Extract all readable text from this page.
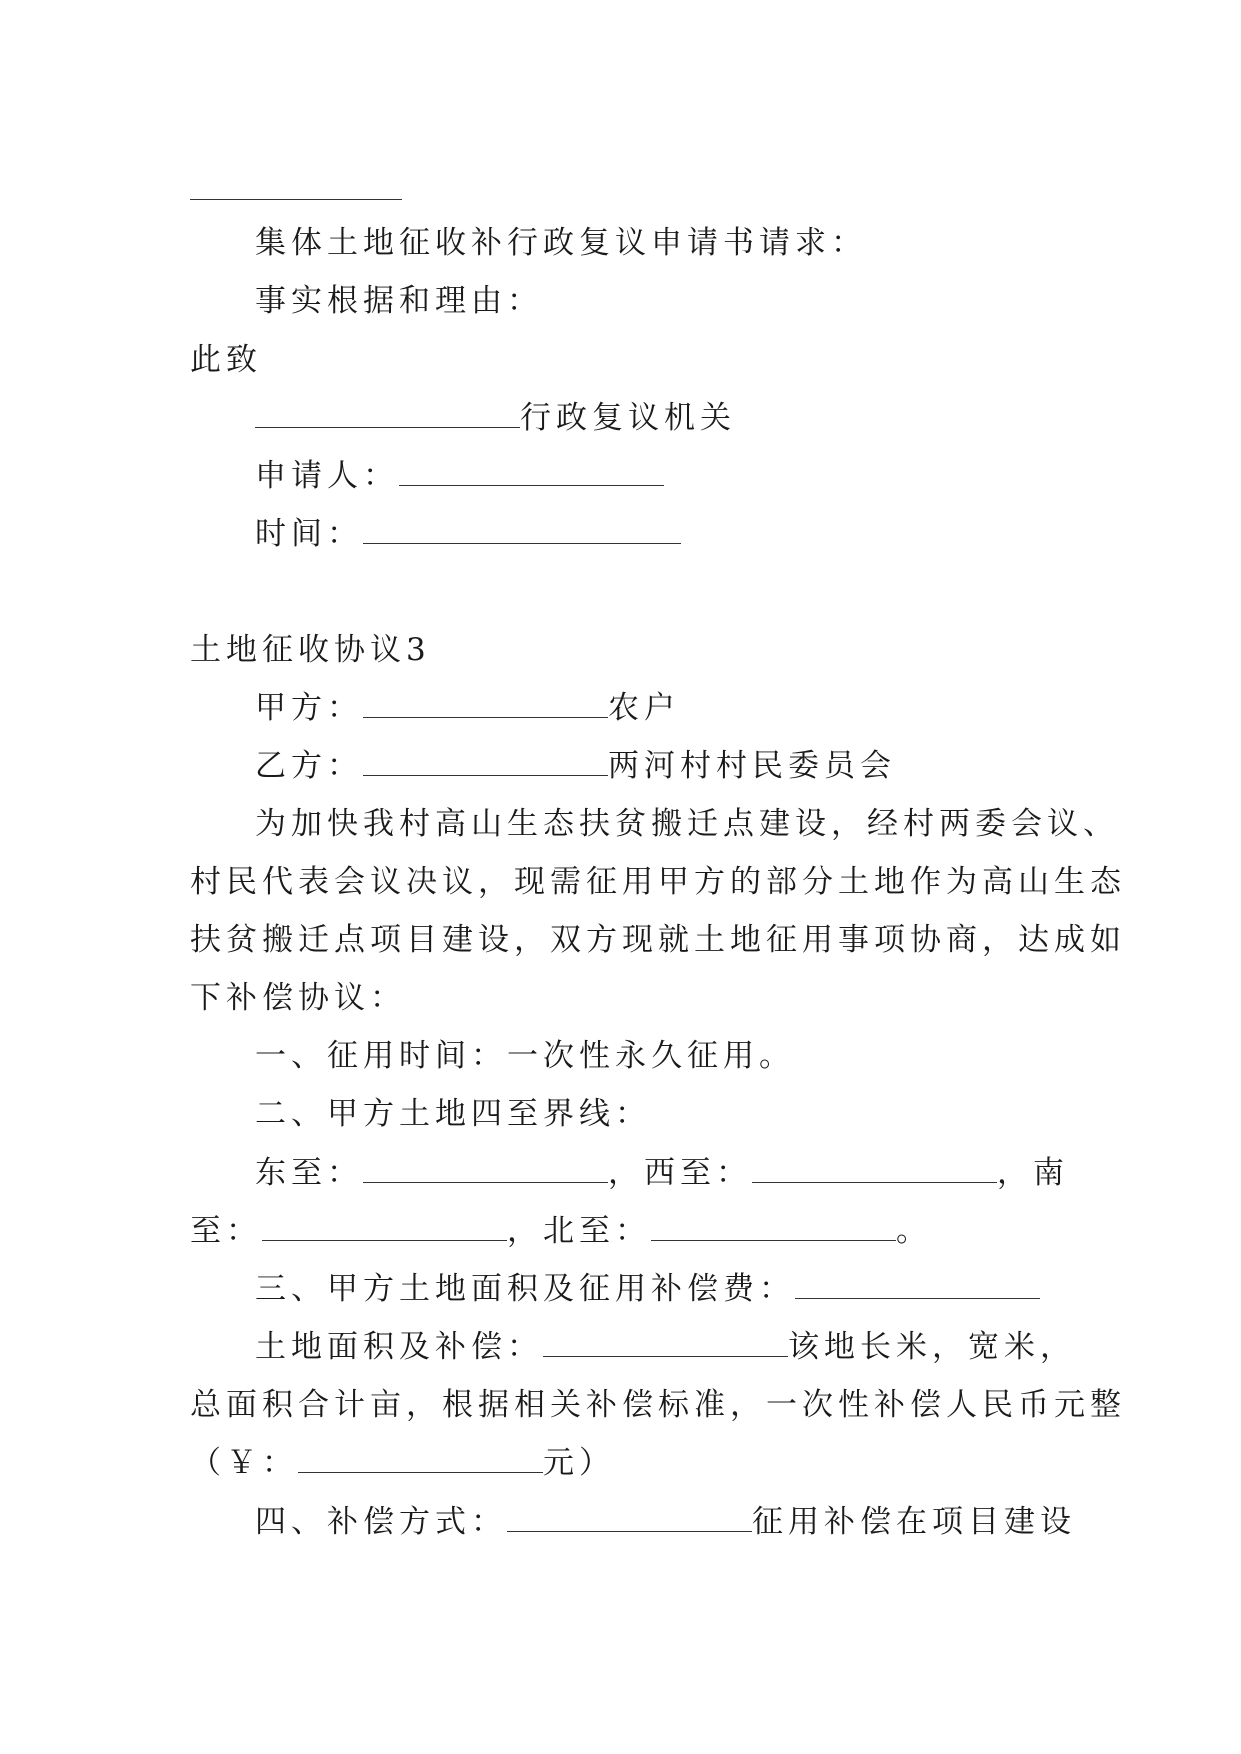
集体土地征收补行政复议申请书请求：
事实根据和理由：
此致
行政复议机关
申请人：
时间：
土地征收协议3
甲方：	农户
乙方：	两河村村民委员会
为加快我村高山生态扶贫搬迁点建设，经村两委会议、
村民代表会议决议，现需征用甲方的部分土地作为高山生态
扶贫搬迁点项目建设，双方现就土地征用事项协商，达成如
下补偿协议：
一、征用时间：一次性永久征用。
二、甲方土地四至界线：
东至：	，西至：	，南
至：	，北至：	。
三、甲方土地面积及征用补偿费：
土地面积及补偿：	该地长米，宽米，
总面积合计亩，根据相关补偿标准，一次性补偿人民币元整
（￥：	元）
四、补偿方式：	征用补偿在项目建设
